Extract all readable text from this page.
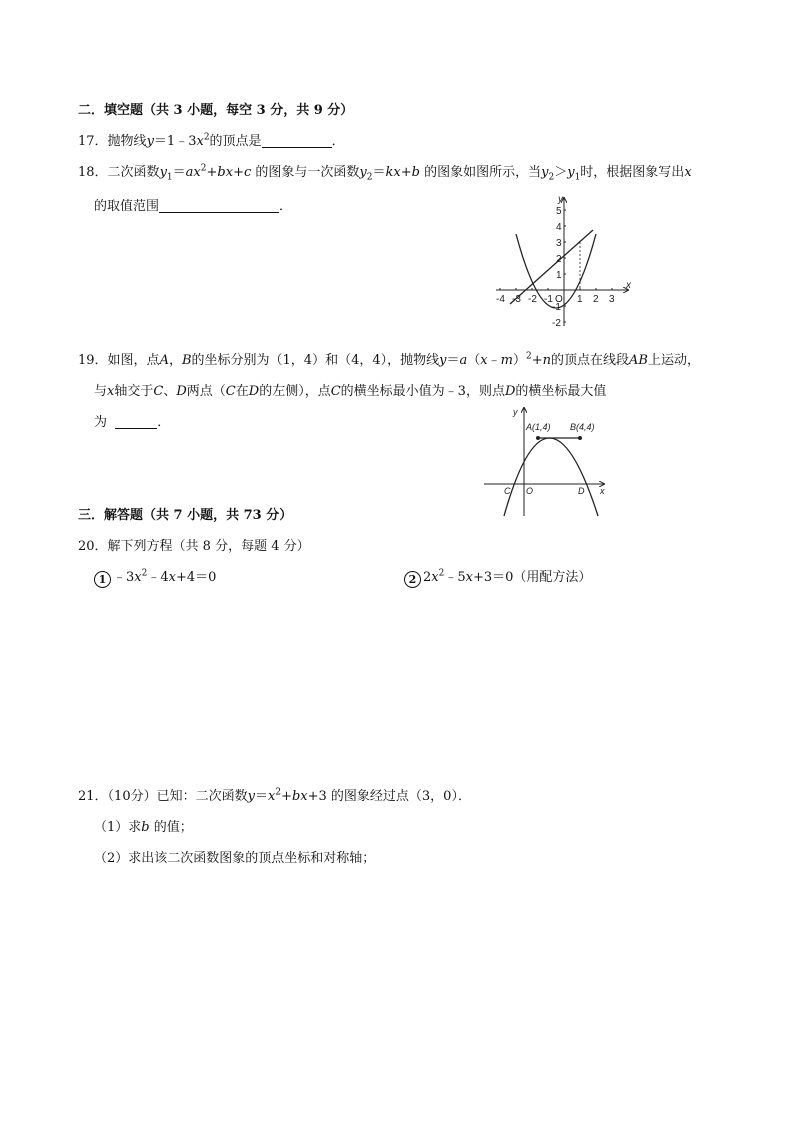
二．填空题（共 3 小题，每空 3 分，共 9 分）
17．抛物线$y=1﹣3x^2$的顶点是	．
18．二次函数$y_1=ax^2+bx+c$ 的图象与一次函数$y_2=kx+b$ 的图象如图所示，当$y_2>y_1$时，根据图象写出x
的取值范围	．
-4 -3 -2 -1 O 1 2 3
5
4
3
2
1
-1
-2
x
y
19．如图，点A，B的坐标分别为（1，4）和（4，4），抛物线y＝a（x﹣m）$^2$+n的顶点在线段AB上运动，
与x轴交于C、D两点（C在D的左侧），点C的横坐标最小值为﹣3，则点D的横坐标最大值
为	．	A(1,4) B(4,4)
C O	D x
y
三．解答题（共 7 小题，共 73 分）
20．解下列方程（共 8 分，每题 4 分）
1 $﹣3x^2﹣4x+4=0$	2 $2x^2﹣5x+3=0$（用配方法）
21．（10分）已知：二次函数$y=x^2+bx+3$ 的图象经过点（3，0）．
（1）求b 的值；
（2）求出该二次函数图象的顶点坐标和对称轴；
